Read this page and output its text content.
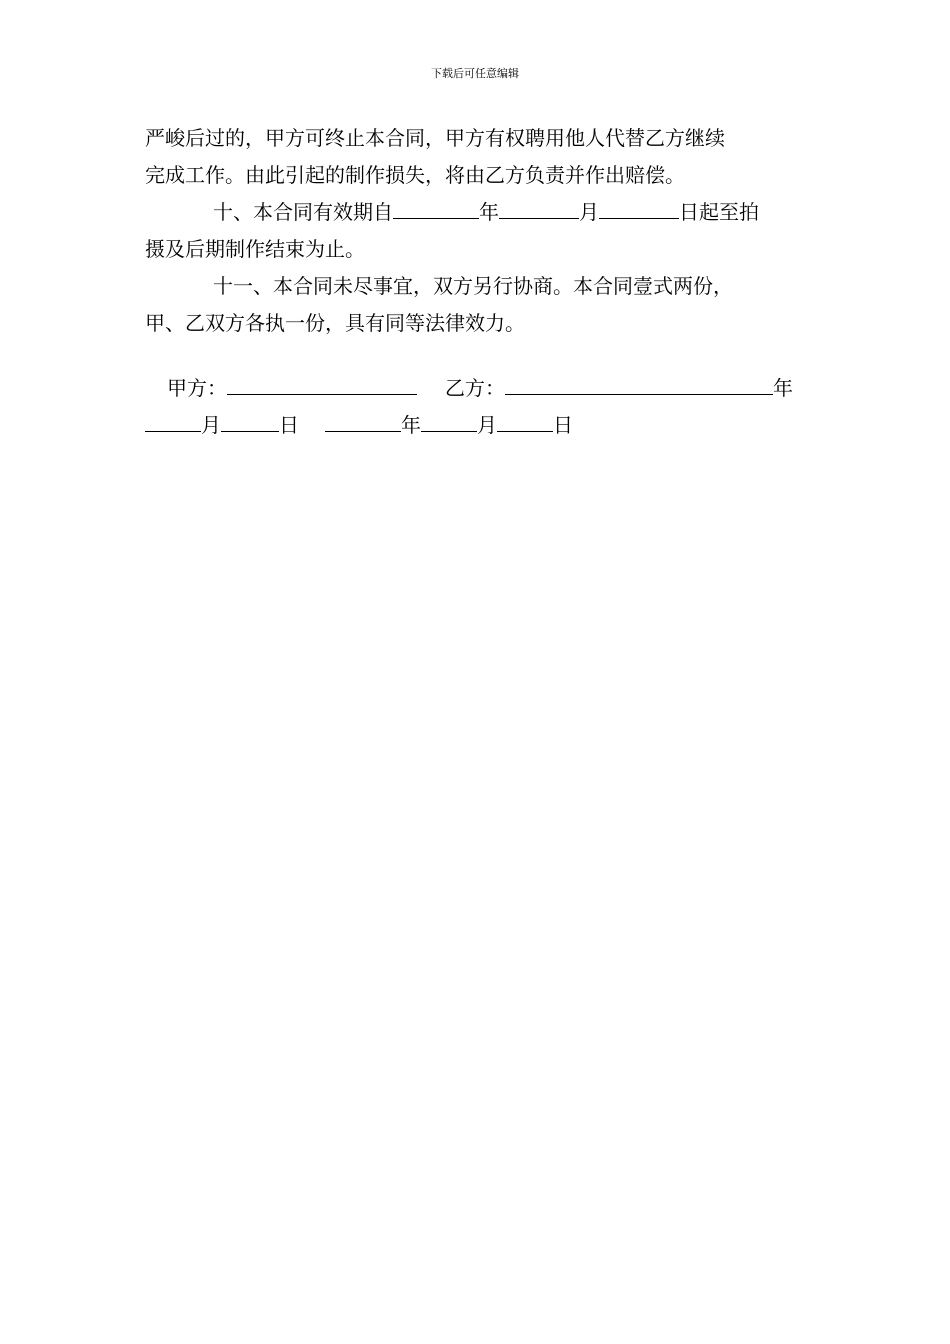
下载后可任意编辑
严峻后过的，甲方可终止本合同，甲方有权聘用他人代替乙方继续
完成工作。由此引起的制作损失，将由乙方负责并作出赔偿。
十、本合同有效期自	年	月	日起至拍
摄及后期制作结束为止。
十一、本合同未尽事宜，双方另行协商。本合同壹式两份，
甲、乙双方各执一份，具有同等法律效力。
甲方：	乙方：	年
月	日	年	月	日
